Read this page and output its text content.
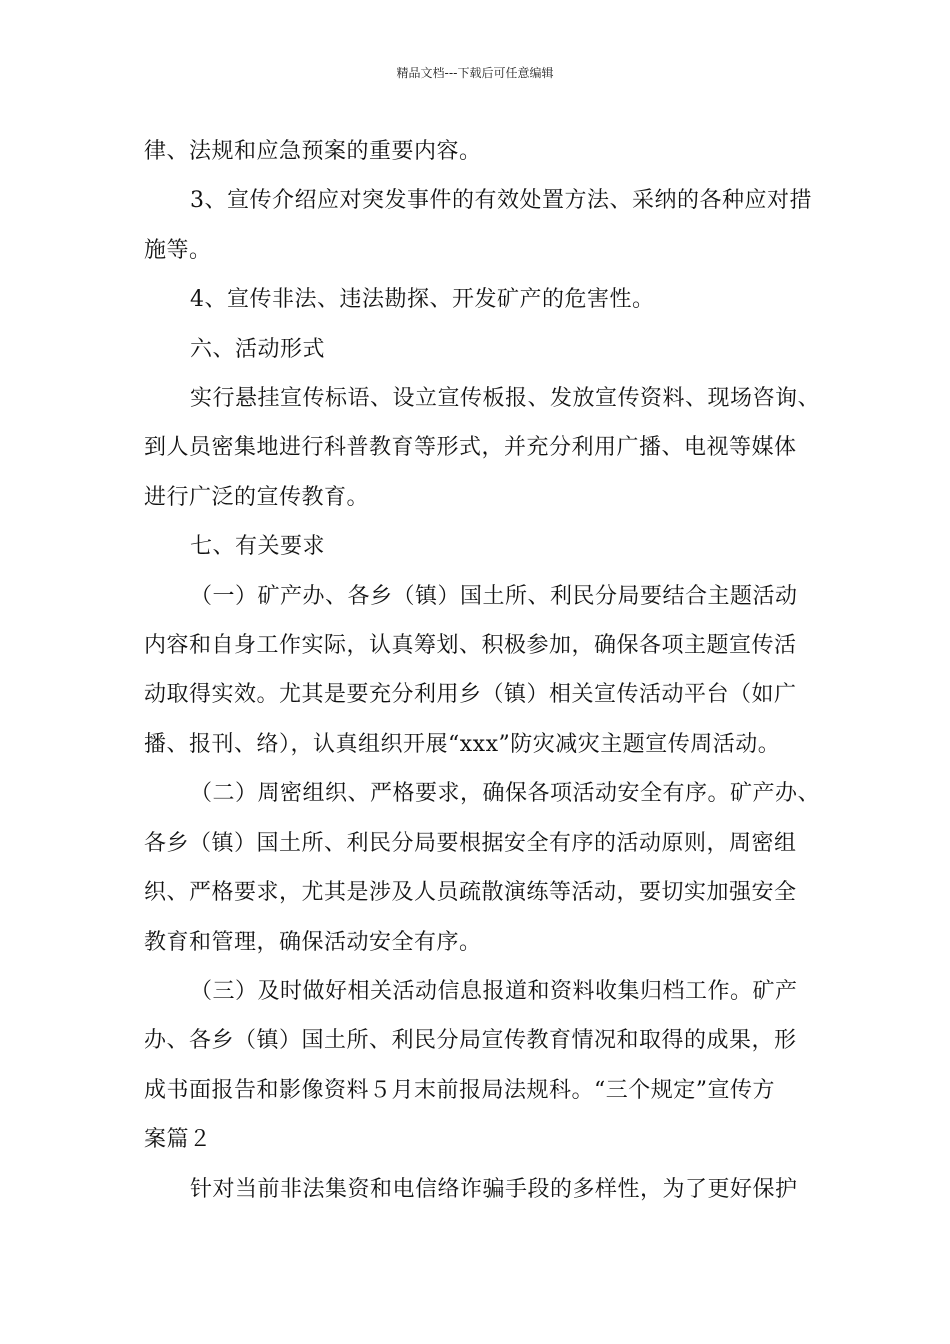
精品文档---下载后可任意编辑
律、法规和应急预案的重要内容。
3、宣传介绍应对突发事件的有效处置方法、采纳的各种应对措
施等。
4、宣传非法、违法勘探、开发矿产的危害性。
六、活动形式
实行悬挂宣传标语、设立宣传板报、发放宣传资料、现场咨询、
到人员密集地进行科普教育等形式，并充分利用广播、电视等媒体
进行广泛的宣传教育。
七、有关要求
（一）矿产办、各乡（镇）国土所、利民分局要结合主题活动
内容和自身工作实际，认真筹划、积极参加，确保各项主题宣传活
动取得实效。尤其是要充分利用乡（镇）相关宣传活动平台（如广
播、报刊、络），认真组织开展“xxx”防灾减灾主题宣传周活动。
（二）周密组织、严格要求，确保各项活动安全有序。矿产办、
各乡（镇）国土所、利民分局要根据安全有序的活动原则，周密组
织、严格要求，尤其是涉及人员疏散演练等活动，要切实加强安全
教育和管理，确保活动安全有序。
（三）及时做好相关活动信息报道和资料收集归档工作。矿产
办、各乡（镇）国土所、利民分局宣传教育情况和取得的成果，形
成书面报告和影像资料５月末前报局法规科。“三个规定”宣传方
案篇２
针对当前非法集资和电信络诈骗手段的多样性，为了更好保护
